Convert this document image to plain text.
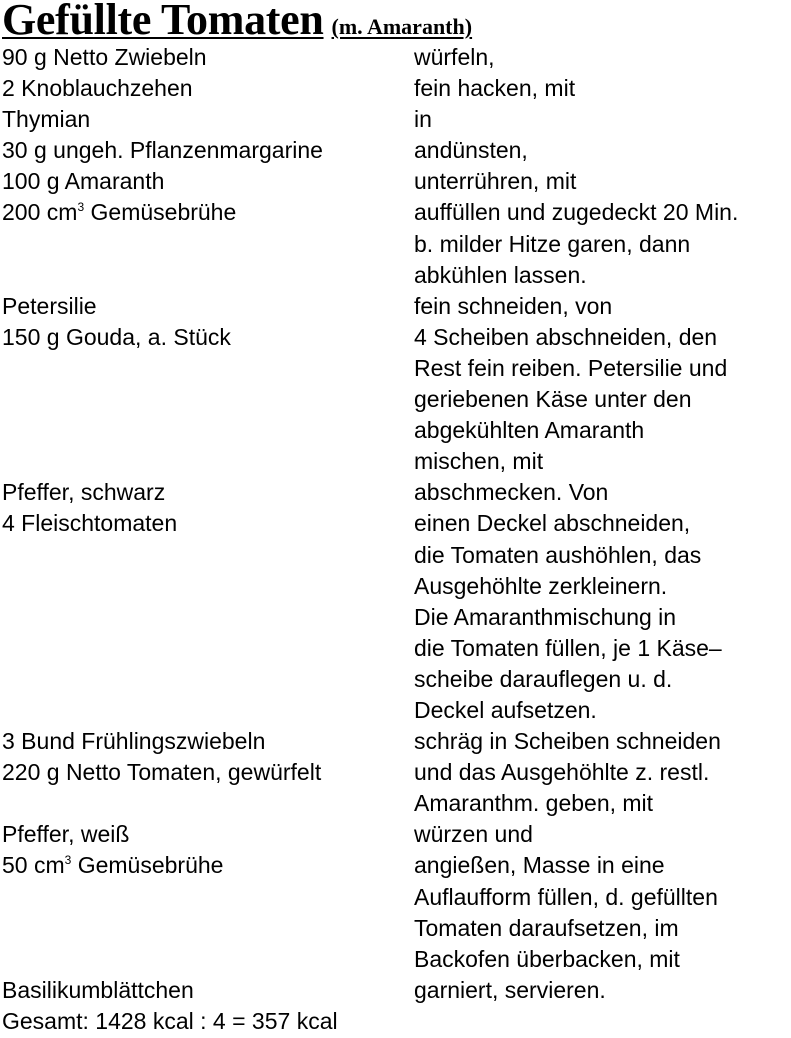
Gefüllte Tomaten (m. Amaranth)
90 g Netto Zwiebeln	würfeln,
2 Knoblauchzehen	fein hacken, mit
Thymian	in
30 g ungeh. Pflanzenmargarine	andünsten,
100 g Amaranth	unterrühren, mit
200 $cm^3$ Gemüsebrühe	auffüllen und zugedeckt 20 Min.
b. milder Hitze garen, dann
abkühlen lassen.
Petersilie	fein schneiden, von
150 g Gouda, a. Stück	4 Scheiben abschneiden, den
Rest fein reiben. Petersilie und
geriebenen Käse unter den
abgekühlten Amaranth
mischen, mit
Pfeffer, schwarz	abschmecken. Von
4 Fleischtomaten	einen Deckel abschneiden,
die Tomaten aushöhlen, das
Ausgehöhlte zerkleinern.
Die Amaranthmischung in
die Tomaten füllen, je 1 Käse–
scheibe darauflegen u. d.
Deckel aufsetzen.
3 Bund Frühlingszwiebeln	schräg in Scheiben schneiden
220 g Netto Tomaten, gewürfelt	und das Ausgehöhlte z. restl.
Amaranthm. geben, mit
Pfeffer, weiß	würzen und
50 $cm^3$ Gemüsebrühe	angießen, Masse in eine
Auflaufform füllen, d. gefüllten
Tomaten daraufsetzen, im
Backofen überbacken, mit
Basilikumblättchen	garniert, servieren.
Gesamt: 1428 kcal : 4 = 357 kcal
